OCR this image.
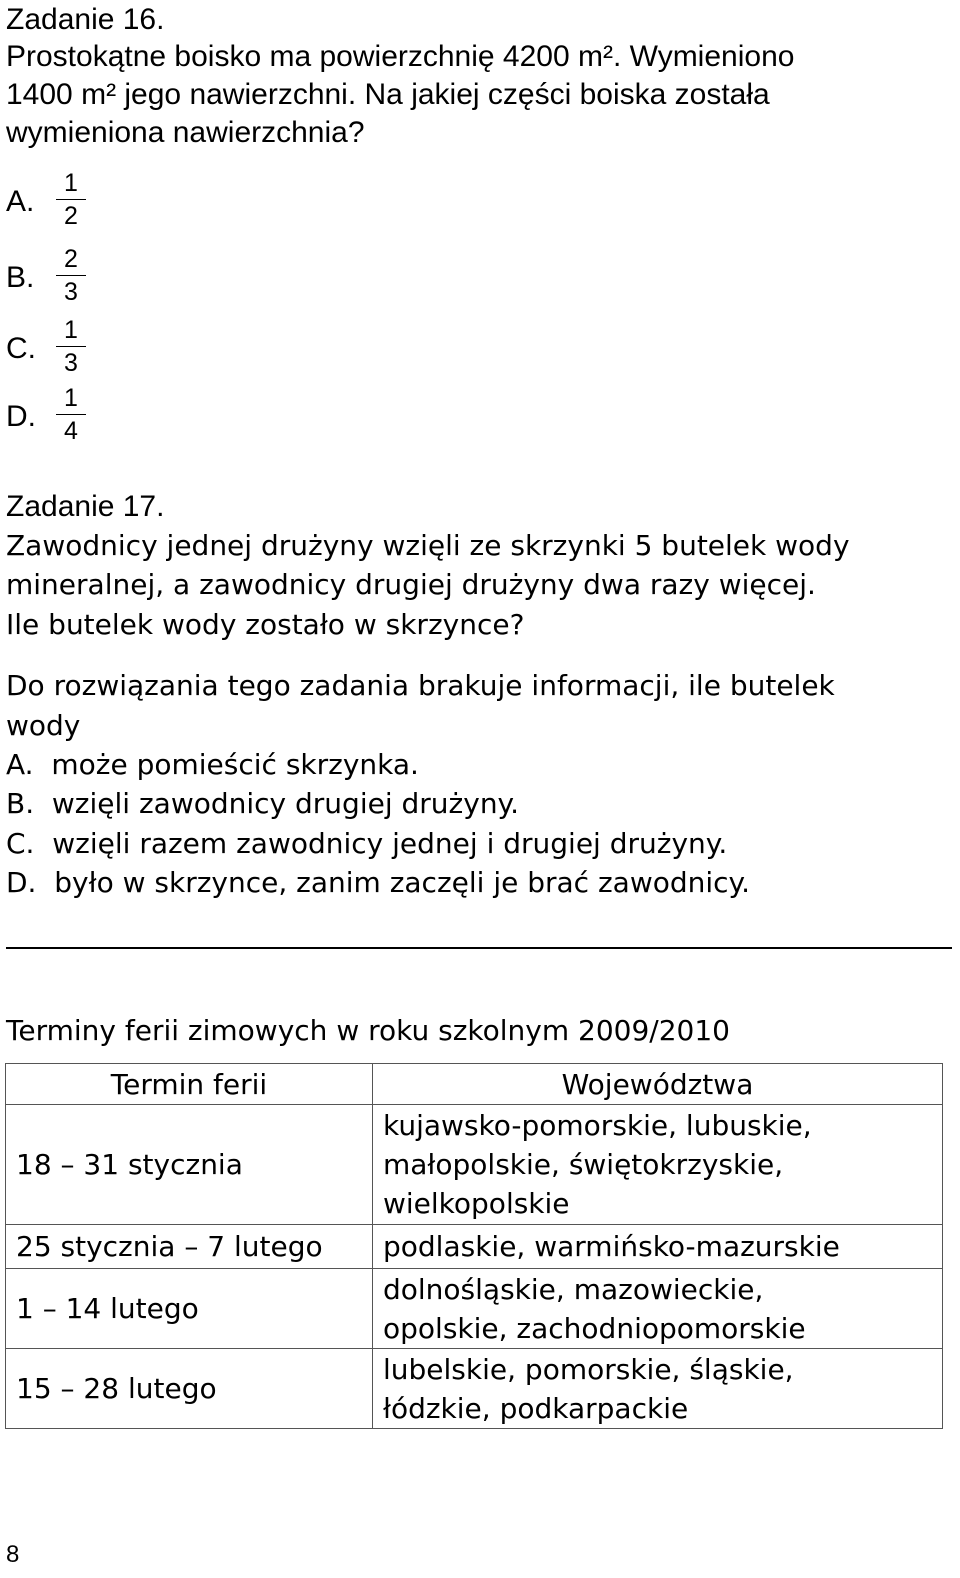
Zadanie 16.
Prostokątne boisko ma powierzchnię 4200 m². Wymieniono
1400 m² jego nawierzchni. Na jakiej części boiska została
wymieniona nawierzchnia?
A.
1
2
B.
2
3
C.
1
3
D.
1
4
Zadanie 17.
Zawodnicy jednej drużyny wzięli ze skrzynki 5 butelek wody
mineralnej, a zawodnicy drugiej drużyny dwa razy więcej.
Ile butelek wody zostało w skrzynce?
Do rozwiązania tego zadania brakuje informacji, ile butelek
wody
A.  może pomieścić skrzynka.
B.  wzięli zawodnicy drugiej drużyny.
C.  wzięli razem zawodnicy jednej i drugiej drużyny.
D.  było w skrzynce, zanim zaczęli je brać zawodnicy.
Terminy ferii zimowych w roku szkolnym 2009/2010
Termin ferii	Województwa
18 – 31 stycznia	kujawsko-pomorskie, lubuskie,
małopolskie, świętokrzyskie,
wielkopolskie

25 stycznia – 7 lutego	podlaskie, warmińsko-mazurskie

1 – 14 lutego	dolnośląskie, mazowieckie,
opolskie, zachodniopomorskie

15 – 28 lutego	lubelskie, pomorskie, śląskie,
łódzkie, podkarpackie
8
